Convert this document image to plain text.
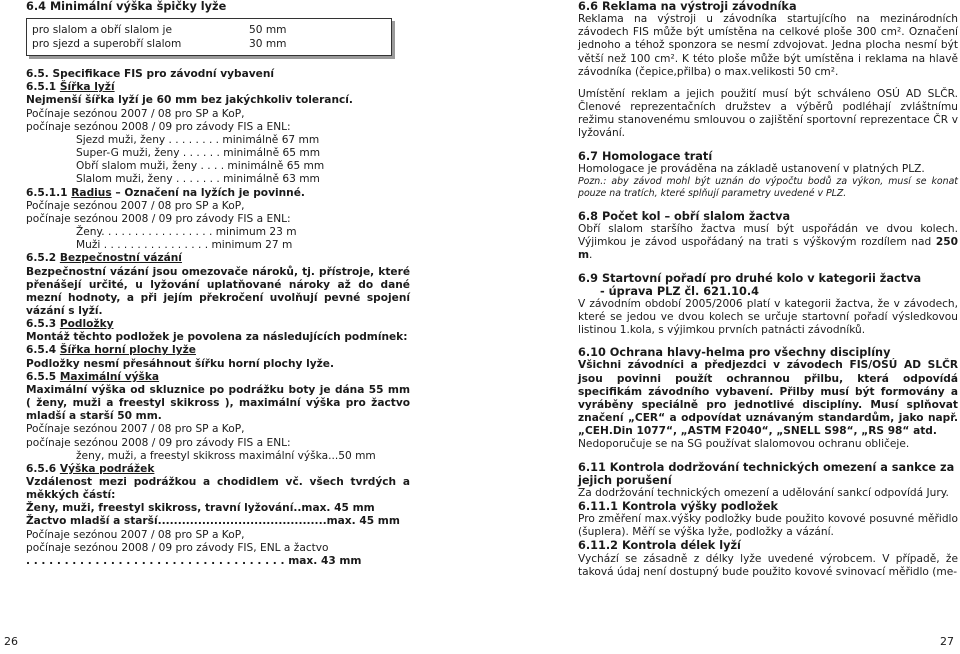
6.4 Minimální výška špičky lyže
pro slalom a obří slalom je	50 mm
pro sjezd a superobří slalom	30 mm
6.5. Specifikace FIS pro závodní vybavení
6.5.1 Šířka lyží
Nejmenší šířka lyží je 60 mm bez jakýchkoliv tolerancí.
Počínaje sezónou 2007 / 08 pro SP a KoP,
počínaje sezónou 2008 / 09 pro závody FIS a ENL:
Sjezd muži, ženy . . . . . . . . minimálně 67 mm
Super-G muži, ženy . . . . . . minimálně 65 mm
Obří slalom muži, ženy . . . . minimálně 65 mm
Slalom muži, ženy . . . . . . . minimálně 63 mm
6.5.1.1 Radius – Označení na lyžích je povinné.
Počínaje sezónou 2007 / 08 pro SP a KoP,
počínaje sezónou 2008 / 09 pro závody FIS a ENL:
Ženy. . . . . . . . . . . . . . . . . minimum 23 m
Muži . . . . . . . . . . . . . . . . minimum 27 m
6.5.2 Bezpečnostní vázání
Bezpečnostní vázání jsou omezovače nároků, tj. přístroje, které přenášejí určité, u lyžování uplatňované nároky až do dané mezní hodnoty, a při jejím překročení uvolňují pevné spojení vázání s lyží.
6.5.3 Podložky
Montáž těchto podložek je povolena za následujících podmínek:
6.5.4 Šířka horní plochy lyže
Podložky nesmí přesáhnout šířku horní plochy lyže.
6.5.5 Maximální výška
Maximální výška od skluznice po podrážku boty je dána 55 mm ( ženy, muži a freestyl skikross ), maximální výška pro žactvo mladší a starší 50 mm.
Počínaje sezónou 2007 / 08 pro SP a KoP,
počínaje sezónou 2008 / 09 pro závody FIS a ENL:
ženy, muži, a freestyl skikross maximální výška...50 mm
6.5.6 Výška podrážek
Vzdálenost mezi podrážkou a chodidlem vč. všech tvrdých a měkkých částí:
Ženy, muži, freestyl skikross, travní lyžování..max. 45 mm
Žactvo mladší a starší..........................................max. 45 mm
Počínaje sezónou 2007 / 08 pro SP a KoP,
počínaje sezónou 2008 / 09 pro závody FIS, ENL a žactvo
. . . . . . . . . . . . . . . . . . . . . . . . . . . . . . . . . . max. 43 mm
26
6.6 Reklama na výstroji závodníka
Reklama na výstroji u závodníka startujícího na mezinárodních závodech FIS může být umístěna na celkové ploše 300 cm². Označení jednoho a téhož sponzora se nesmí zdvojovat. Jedna plocha nesmí být větší než 100 cm². K této ploše může být umístěna i reklama na hlavě závodníka (čepice,přilba) o max.velikosti 50 cm².
Umístění reklam a jejich použití musí být schváleno OSÚ AD SLČR. Členové reprezentačních družstev a výběrů podléhají zvláštnímu režimu stanovenému smlouvou o zajištění sportovní reprezentace ČR v lyžování.
6.7 Homologace tratí
Homologace je prováděna na základě ustanovení v platných PLZ.
Pozn.: aby závod mohl být uznán do výpočtu bodů za výkon, musí se konat pouze na tratích, které splňují parametry uvedené v PLZ.
6.8 Počet kol – obří slalom žactva
Obří slalom staršího žactva musí být uspořádán ve dvou kolech. Výjimkou je závod uspořádaný na trati s výškovým rozdílem nad 250 m.
6.9 Startovní pořadí pro druhé kolo v kategorii žactva
- úprava PLZ čl. 621.10.4
V závodním období 2005/2006 platí v kategorii žactva, že v závodech, které se jedou ve dvou kolech se určuje startovní pořadí výsledkovou listinou 1.kola, s výjimkou prvních patnácti závodníků.
6.10 Ochrana hlavy-helma pro všechny disciplíny
Všichni závodníci a předjezdci v závodech FIS/OSÚ AD SLČR jsou povinni použít ochrannou přilbu, která odpovídá specifikám závodního vybavení. Přilby musí být formovány a vyráběny speciálně pro jednotlivé disciplíny. Musí splňovat značení „CER“ a odpovídat uznávaným standardům, jako např. „CEH.Din 1077“, „ASTM F2040“, „SNELL S98“, „RS 98“ atd.
Nedoporučuje se na SG používat slalomovou ochranu obličeje.
6.11 Kontrola dodržování technických omezení a sankce za jejich porušení
Za dodržování technických omezení a udělování sankcí odpovídá Jury.
6.11.1 Kontrola výšky podložek
Pro změření max.výšky podložky bude použito kovové posuvné měřidlo (šuplera). Měří se výška lyže, podložky a vázání.
6.11.2 Kontrola délek lyží
Vychází se zásadně z délky lyže uvedené výrobcem. V případě, že taková údaj není dostupný bude použito kovové svinovací měřidlo (me-
27
